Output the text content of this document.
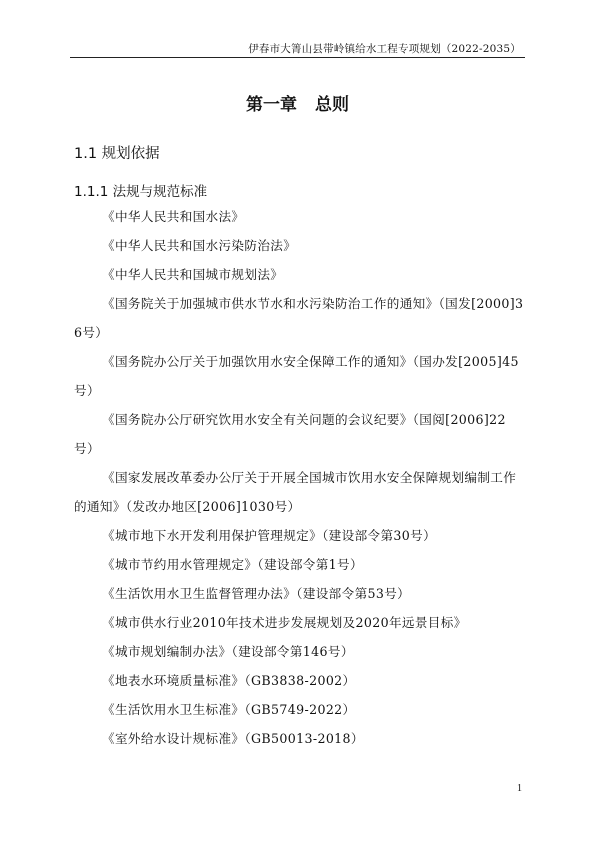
伊春市大箐山县带岭镇给水工程专项规划（2022-2035）
第一章 总则
1.1 规划依据
1.1.1 法规与规范标准

《中华人民共和国水法》

《中华人民共和国水污染防治法》

《中华人民共和国城市规划法》

《国务院关于加强城市供水节水和水污染防治工作的通知》（国发[2000]36号）

《国务院办公厅关于加强饮用水安全保障工作的通知》（国办发[2005]45号）

《国务院办公厅研究饮用水安全有关问题的会议纪要》（国阅[2006]22号）

《国家发展改革委办公厅关于开展全国城市饮用水安全保障规划编制工作的通知》（发改办地区[2006]1030号）

《城市地下水开发利用保护管理规定》（建设部令第30号）

《城市节约用水管理规定》（建设部令第1号）

《生活饮用水卫生监督管理办法》（建设部令第53号）

《城市供水行业2010年技术进步发展规划及2020年远景目标》

《城市规划编制办法》（建设部令第146号）

《地表水环境质量标准》（GB3838-2002）

《生活饮用水卫生标准》（GB5749-2022）

《室外给水设计规标准》（GB50013-2018）

1
